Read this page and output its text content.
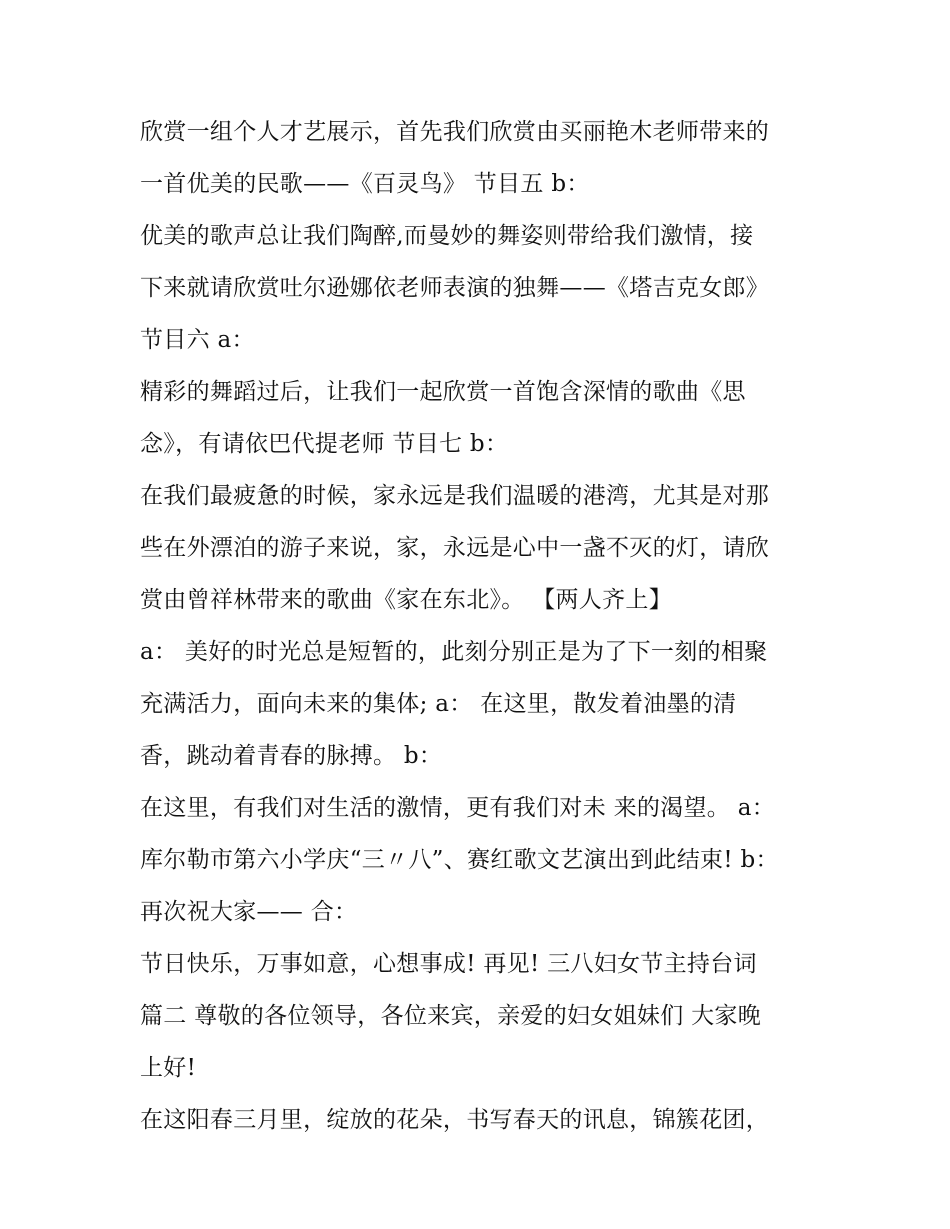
欣赏一组个人才艺展示，首先我们欣赏由买丽艳木老师带来的
一首优美的民歌——《百灵鸟》 节目五 b：
优美的歌声总让我们陶醉,而曼妙的舞姿则带给我们激情，接
下来就请欣赏吐尔逊娜依老师表演的独舞——《塔吉克女郎》
节目六 a：
精彩的舞蹈过后，让我们一起欣赏一首饱含深情的歌曲《思
念》，有请依巴代提老师 节目七 b：
在我们最疲惫的时候，家永远是我们温暖的港湾，尤其是对那
些在外漂泊的游子来说，家，永远是心中一盏不灭的灯，请欣
赏由曾祥林带来的歌曲《家在东北》。 【两人齐上】
a： 美好的时光总是短暂的，此刻分别正是为了下一刻的相聚
充满活力，面向未来的集体; a： 在这里，散发着油墨的清
香，跳动着青春的脉搏。 b：
在这里，有我们对生活的激情，更有我们对未 来的渴望。 a：
库尔勒市第六小学庆“三〃八”、赛红歌文艺演出到此结束! b：
再次祝大家—— 合：
节日快乐，万事如意，心想事成! 再见! 三八妇女节主持台词
篇二 尊敬的各位领导，各位来宾，亲爱的妇女姐妹们 大家晚
上好!
在这阳春三月里，绽放的花朵，书写春天的讯息，锦簇花团，
